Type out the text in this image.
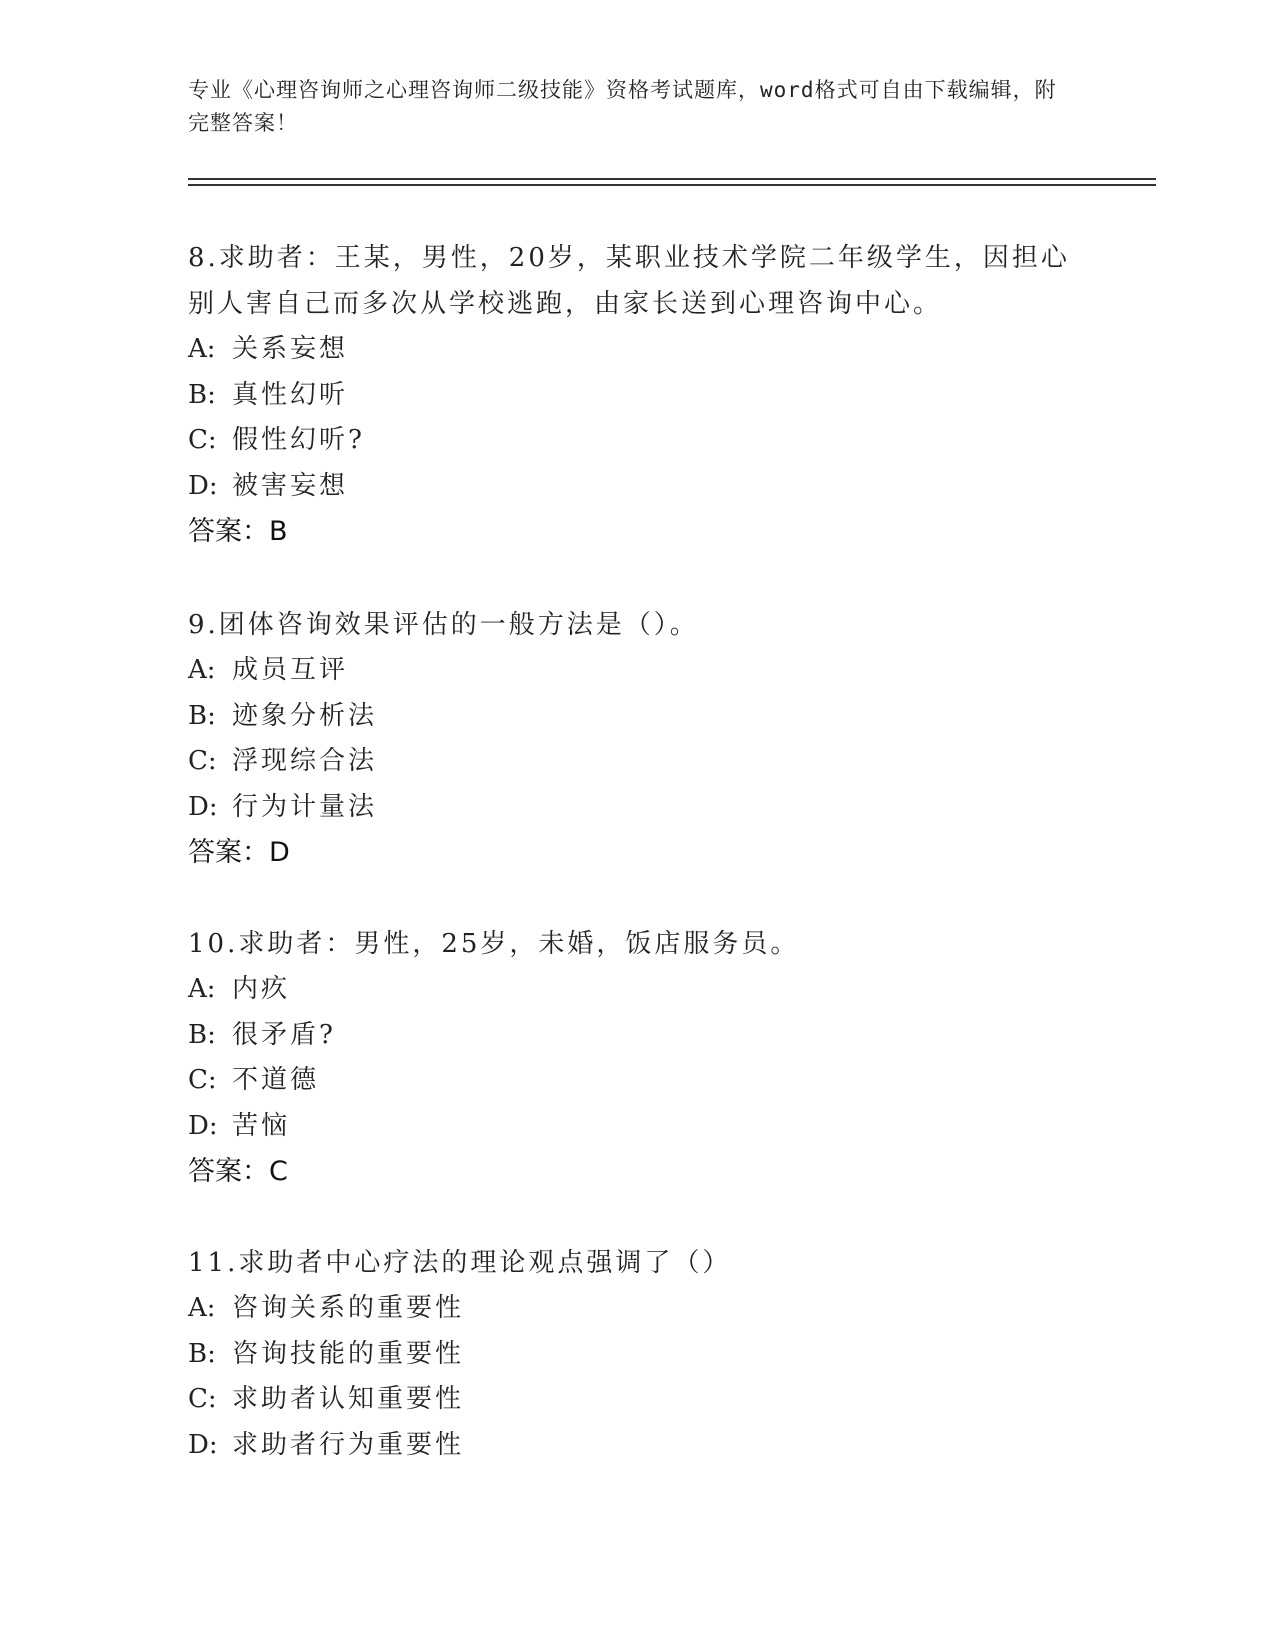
专业《心理咨询师之心理咨询师二级技能》资格考试题库，word格式可自由下载编辑，附完整答案！
8.求助者：王某，男性，20岁，某职业技术学院二年级学生，因担心别人害自己而多次从学校逃跑，由家长送到心理咨询中心。
A: 关系妄想
B: 真性幻听
C: 假性幻听?
D: 被害妄想
答案：B
9.团体咨询效果评估的一般方法是（）。
A: 成员互评
B: 迹象分析法
C: 浮现综合法
D: 行为计量法
答案：D
10.求助者：男性，25岁，未婚，饭店服务员。
A: 内疚
B: 很矛盾?
C: 不道德
D: 苦恼
答案：C
11.求助者中心疗法的理论观点强调了（）
A: 咨询关系的重要性
B: 咨询技能的重要性
C: 求助者认知重要性
D: 求助者行为重要性
